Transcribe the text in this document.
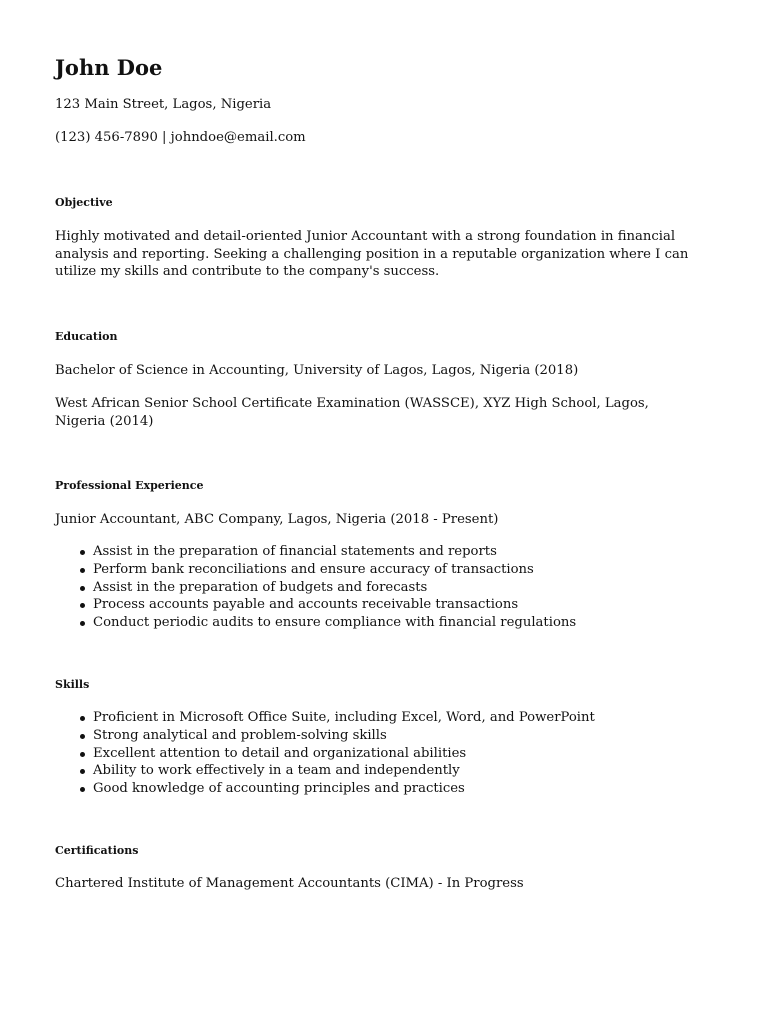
John Doe

123 Main Street, Lagos, Nigeria

(123) 456-7890 | johndoe@email.com

Objective

Highly motivated and detail-oriented Junior Accountant with a strong foundation in financial analysis and reporting. Seeking a challenging position in a reputable organization where I can utilize my skills and contribute to the company's success.

Education

Bachelor of Science in Accounting, University of Lagos, Lagos, Nigeria (2018)

West African Senior School Certificate Examination (WASSCE), XYZ High School, Lagos, Nigeria (2014)

Professional Experience

Junior Accountant, ABC Company, Lagos, Nigeria (2018 - Present)

Assist in the preparation of financial statements and reports
Perform bank reconciliations and ensure accuracy of transactions
Assist in the preparation of budgets and forecasts
Process accounts payable and accounts receivable transactions
Conduct periodic audits to ensure compliance with financial regulations
Skills
Proficient in Microsoft Office Suite, including Excel, Word, and PowerPoint
Strong analytical and problem-solving skills
Excellent attention to detail and organizational abilities
Ability to work effectively in a team and independently
Good knowledge of accounting principles and practices
Certifications

Chartered Institute of Management Accountants (CIMA) - In Progress
